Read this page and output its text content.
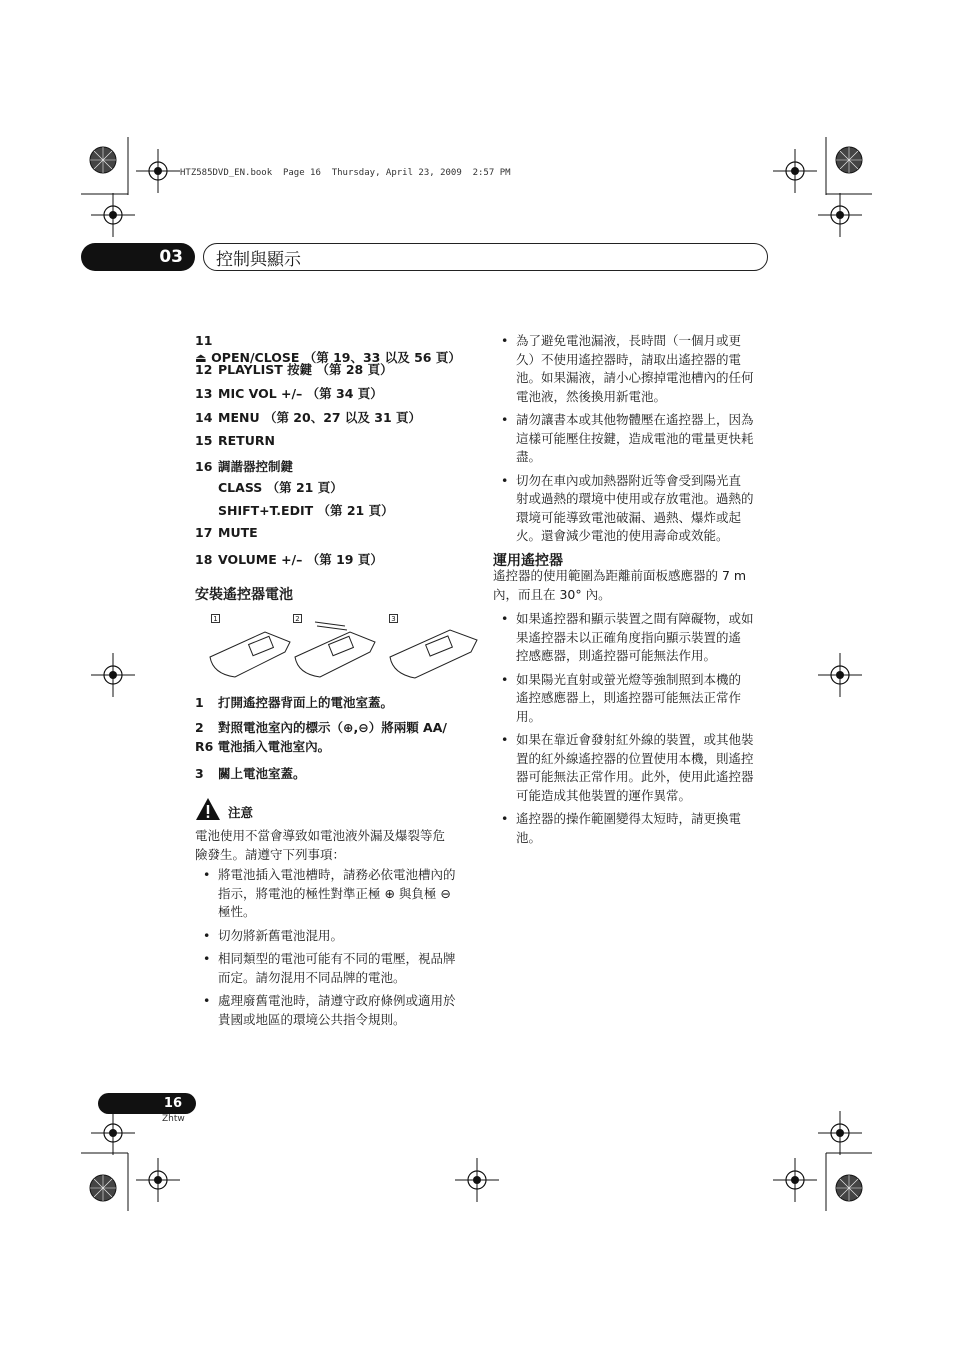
HTZ585DVD_EN.book  Page 16  Thursday, April 23, 2009  2:57 PM
03	控制與顯示
11⏏ OPEN/CLOSE （第 19、33 以及 56 頁）
12 PLAYLIST 按鍵 （第 28 頁）
13 MIC VOL +/– （第 34 頁）
14 MENU （第 20、27 以及 31 頁）
15 RETURN
16 調諧器控制鍵
CLASS （第 21 頁）
SHIFT+T.EDIT （第 21 頁）
17 MUTE
18 VOLUME +/– （第 19 頁）
安裝遙控器電池
1	2	3
1 打開遙控器背面上的電池室蓋。
2 對照電池室內的標示（⊕,⊖）將兩顆 AA/
R6 電池插入電池室內。
3 關上電池室蓋。
注意
電池使用不當會導致如電池液外漏及爆裂等危
險發生。請遵守下列事項：
• 將電池插入電池槽時，請務必依電池槽內的
指示，將電池的極性對準正極 ⊕ 與負極 ⊖
極性。
• 切勿將新舊電池混用。
• 相同類型的電池可能有不同的電壓，視品牌
而定。請勿混用不同品牌的電池。
• 處理廢舊電池時，請遵守政府條例或適用於
貴國或地區的環境公共指令規則。
• 為了避免電池漏液，長時間（一個月或更
久）不使用遙控器時，請取出遙控器的電
池。如果漏液，請小心擦掉電池槽內的任何
電池液，然後換用新電池。
• 請勿讓書本或其他物體壓在遙控器上，因為
這樣可能壓住按鍵，造成電池的電量更快耗
盡。
• 切勿在車內或加熱器附近等會受到陽光直
射或過熱的環境中使用或存放電池。過熱的
環境可能導致電池破漏、過熱、爆炸或起
火。還會減少電池的使用壽命或效能。
運用遙控器
遙控器的使用範圍為距離前面板感應器的 7 m
內，而且在 30° 內。
• 如果遙控器和顯示裝置之間有障礙物，或如
果遙控器未以正確角度指向顯示裝置的遙
控感應器，則遙控器可能無法作用。
• 如果陽光直射或螢光燈等強制照到本機的
遙控感應器上，則遙控器可能無法正常作
用。
• 如果在靠近會發射紅外線的裝置，或其他裝
置的紅外線遙控器的位置使用本機，則遙控
器可能無法正常作用。此外，使用此遙控器
可能造成其他裝置的運作異常。
• 遙控器的操作範圍變得太短時，請更換電
池。
16
Zhtw
